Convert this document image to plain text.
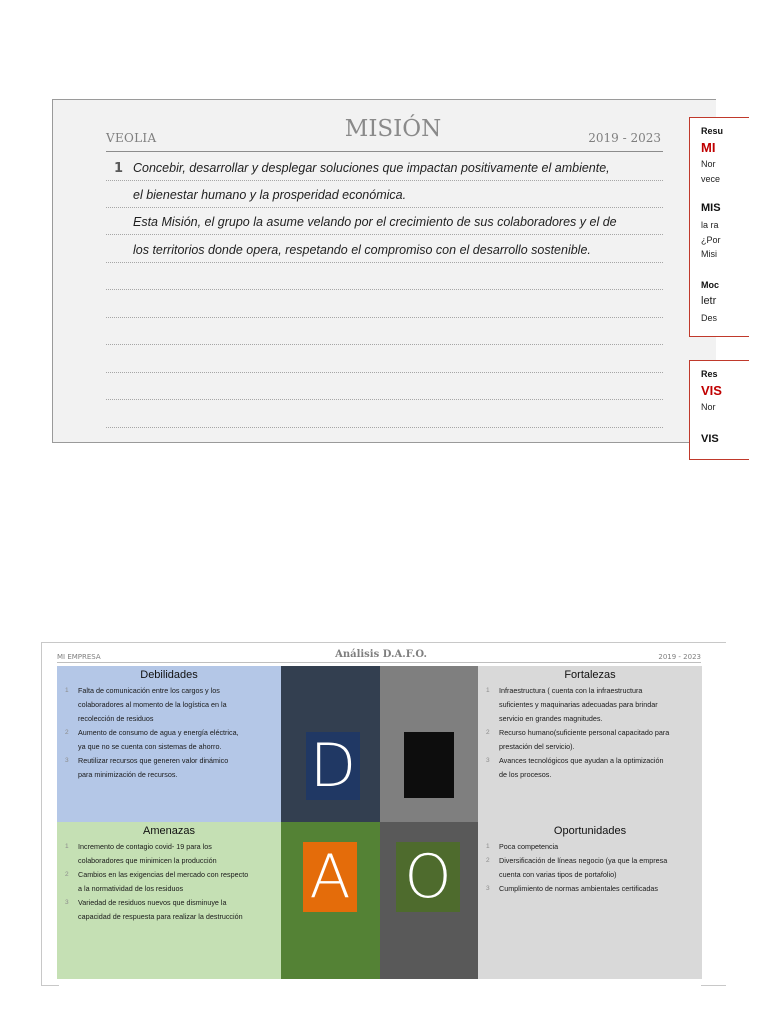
VEOLIA	MISIÓN	2019 - 2023
1 Concebir, desarrollar y desplegar soluciones que impactan positivamente el ambiente,
el bienestar humano y la prosperidad económica.
Esta Misión, el grupo la asume velando por el crecimiento de sus colaboradores y el de
los territorios donde opera, respetando el compromiso con el desarrollo sostenible.
Resu
MI
Nor
vece
MIS
la ra
¿Por
Misi
Moc
letr
Des
Res
VIS
Nor
VIS
MI EMPRESA	Análisis D.A.F.O.	2019 - 2023
Debilidades
1 Falta de comunicación entre los cargos y los
colaboradores al momento de la logística en la
recolección de residuos
2 Aumento de consumo de agua y energía eléctrica,
ya que no se cuenta con sistemas de ahorro.
3 Reutilizar recursos que generen valor dinámico
para minimización de recursos.	D
Fortalezas
1 Infraestructura ( cuenta con la infraestructura
suficientes y maquinarias adecuadas para brindar
servicio en grandes magnitudes.
2 Recurso humano(suficiente personal capacitado para
prestación del servicio).
3 Avances tecnológicos que ayudan a la optimización
de los procesos.
Amenazas
1 Incremento de contagio covid- 19 para los
colaboradores que minimicen la producción
2 Cambios en las exigencias del mercado con respecto
a la normatividad de los residuos
3 Variedad de residuos nuevos que disminuye la
capacidad de respuesta para realizar la destrucción
A O
Oportunidades
1 Poca competencia
2 Diversificación de líneas negocio (ya que la empresa
cuenta con varias tipos de portafolio)
3 Cumplimiento de normas ambientales certificadas
